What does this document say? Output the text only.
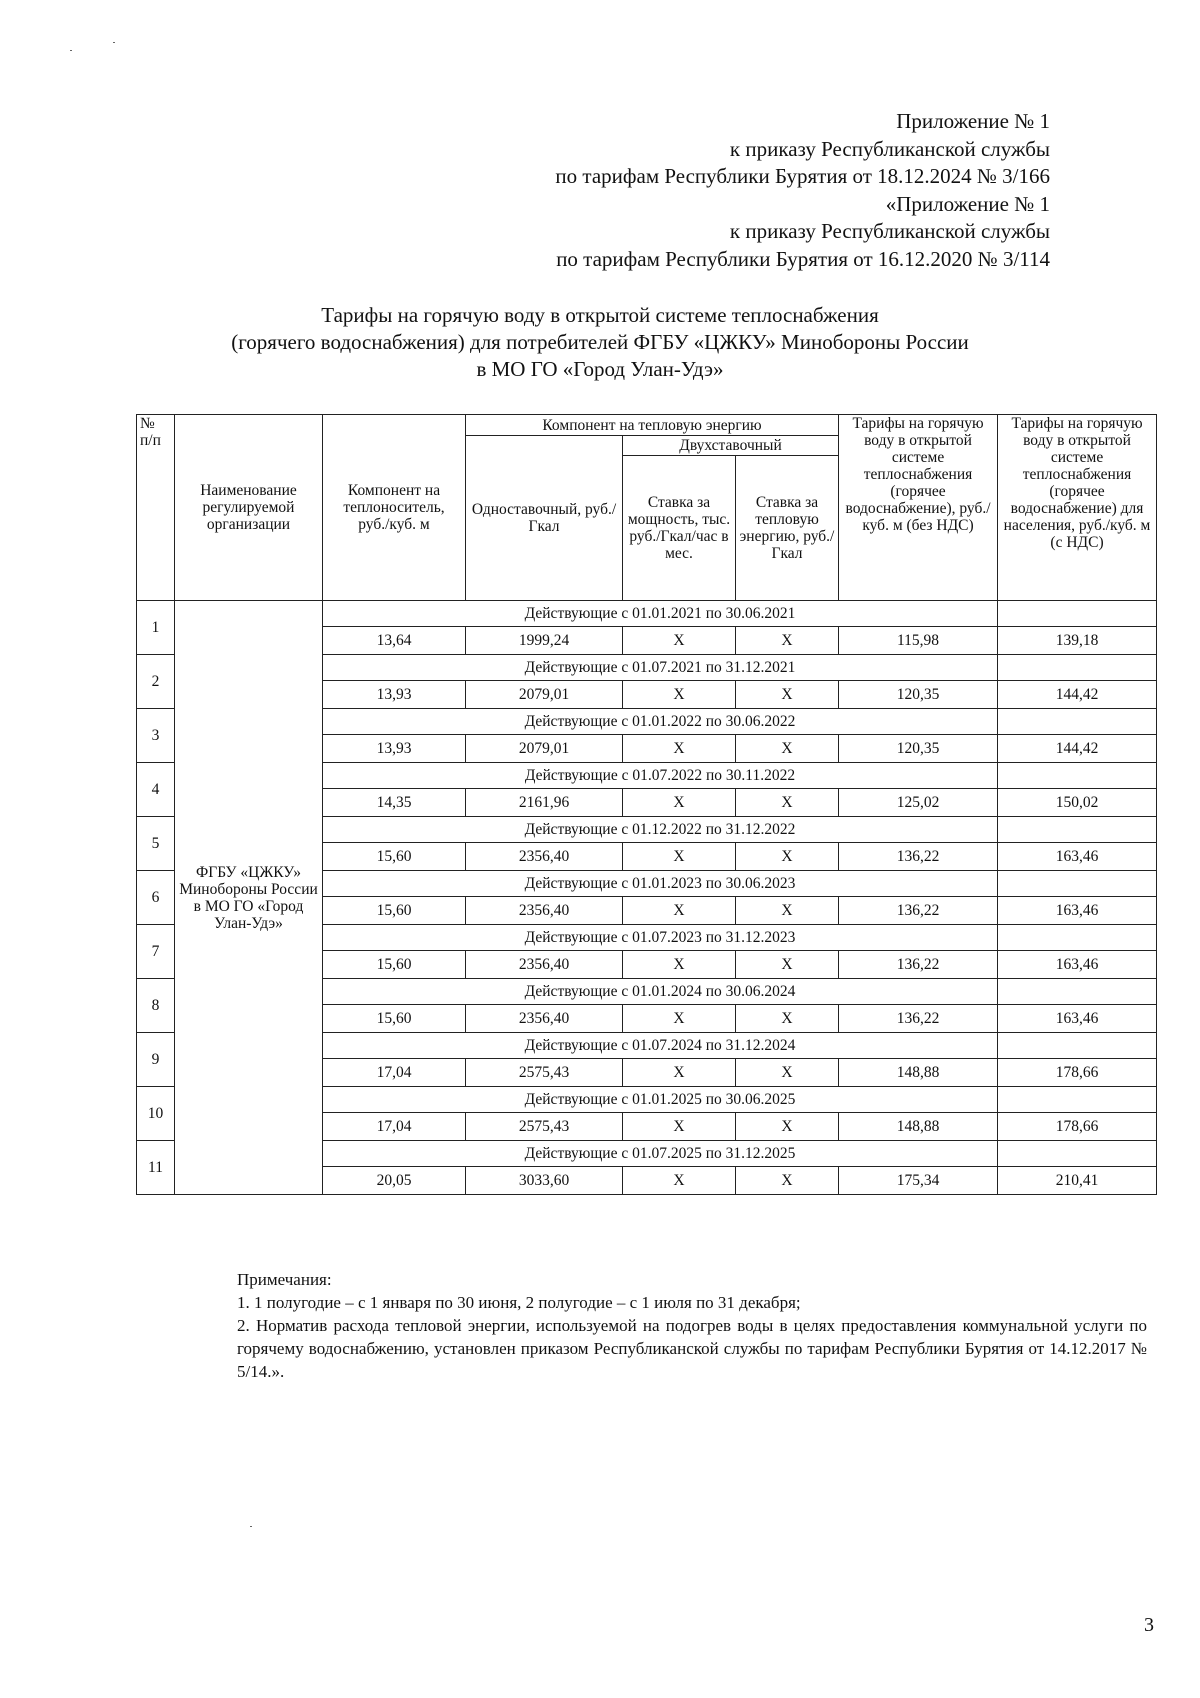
Приложение № 1
к приказу Республиканской службы
по тарифам Республики Бурятия от 18.12.2024 № 3/166
«Приложение № 1
к приказу Республиканской службы
по тарифам Республики Бурятия от 16.12.2020 № 3/114
Тарифы на горячую воду в открытой системе теплоснабжения
(горячего водоснабжения) для потребителей ФГБУ «ЦЖКУ» Минобороны России
в МО ГО «Город Улан-Удэ»
№ п/п	Наименование регулируемой организации	Компонент на теплоноситель, руб./куб. м	Компонент на тепловую энергию			Тарифы на горячую воду в открытой системе теплоснабжения (горячее водоснабжение), руб./куб. м (без НДС)	Тарифы на горячую воду в открытой системе теплоснабжения (горячее водоснабжение) для населения, руб./куб. м (с НДС)
			Одноставочный, руб./Гкал	Двухставочный			
				Ставка за мощность, тыс. руб./Гкал/час в мес.	Ставка за тепловую энергию, руб./Гкал		
1	ФГБУ «ЦЖКУ» Минобороны России в МО ГО «Город Улан-Удэ»	Действующие с 01.01.2021 по 30.06.2021					
		13,64	1999,24	X	X	115,98	139,18
2		Действующие с 01.07.2021 по 31.12.2021					
		13,93	2079,01	X	X	120,35	144,42
3		Действующие с 01.01.2022 по 30.06.2022					
		13,93	2079,01	X	X	120,35	144,42
4		Действующие с 01.07.2022 по 30.11.2022					
		14,35	2161,96	X	X	125,02	150,02
5		Действующие с 01.12.2022 по 31.12.2022					
		15,60	2356,40	X	X	136,22	163,46
6		Действующие с 01.01.2023 по 30.06.2023					
		15,60	2356,40	X	X	136,22	163,46
7		Действующие с 01.07.2023 по 31.12.2023					
		15,60	2356,40	X	X	136,22	163,46
8		Действующие с 01.01.2024 по 30.06.2024					
		15,60	2356,40	X	X	136,22	163,46
9		Действующие с 01.07.2024 по 31.12.2024					
		17,04	2575,43	X	X	148,88	178,66
10		Действующие с 01.01.2025 по 30.06.2025					
		17,04	2575,43	X	X	148,88	178,66
11		Действующие с 01.07.2025 по 31.12.2025					
		20,05	3033,60	X	X	175,34	210,41

Примечания:

1. 1 полугодие – с 1 января по 30 июня, 2 полугодие – с 1 июля по 31 декабря;

2. Норматив расхода тепловой энергии, используемой на подогрев воды в целях предоставления коммунальной услуги по горячему водоснабжению, установлен приказом Республиканской службы по тарифам Республики Бурятия от 14.12.2017 № 5/14.».

3
